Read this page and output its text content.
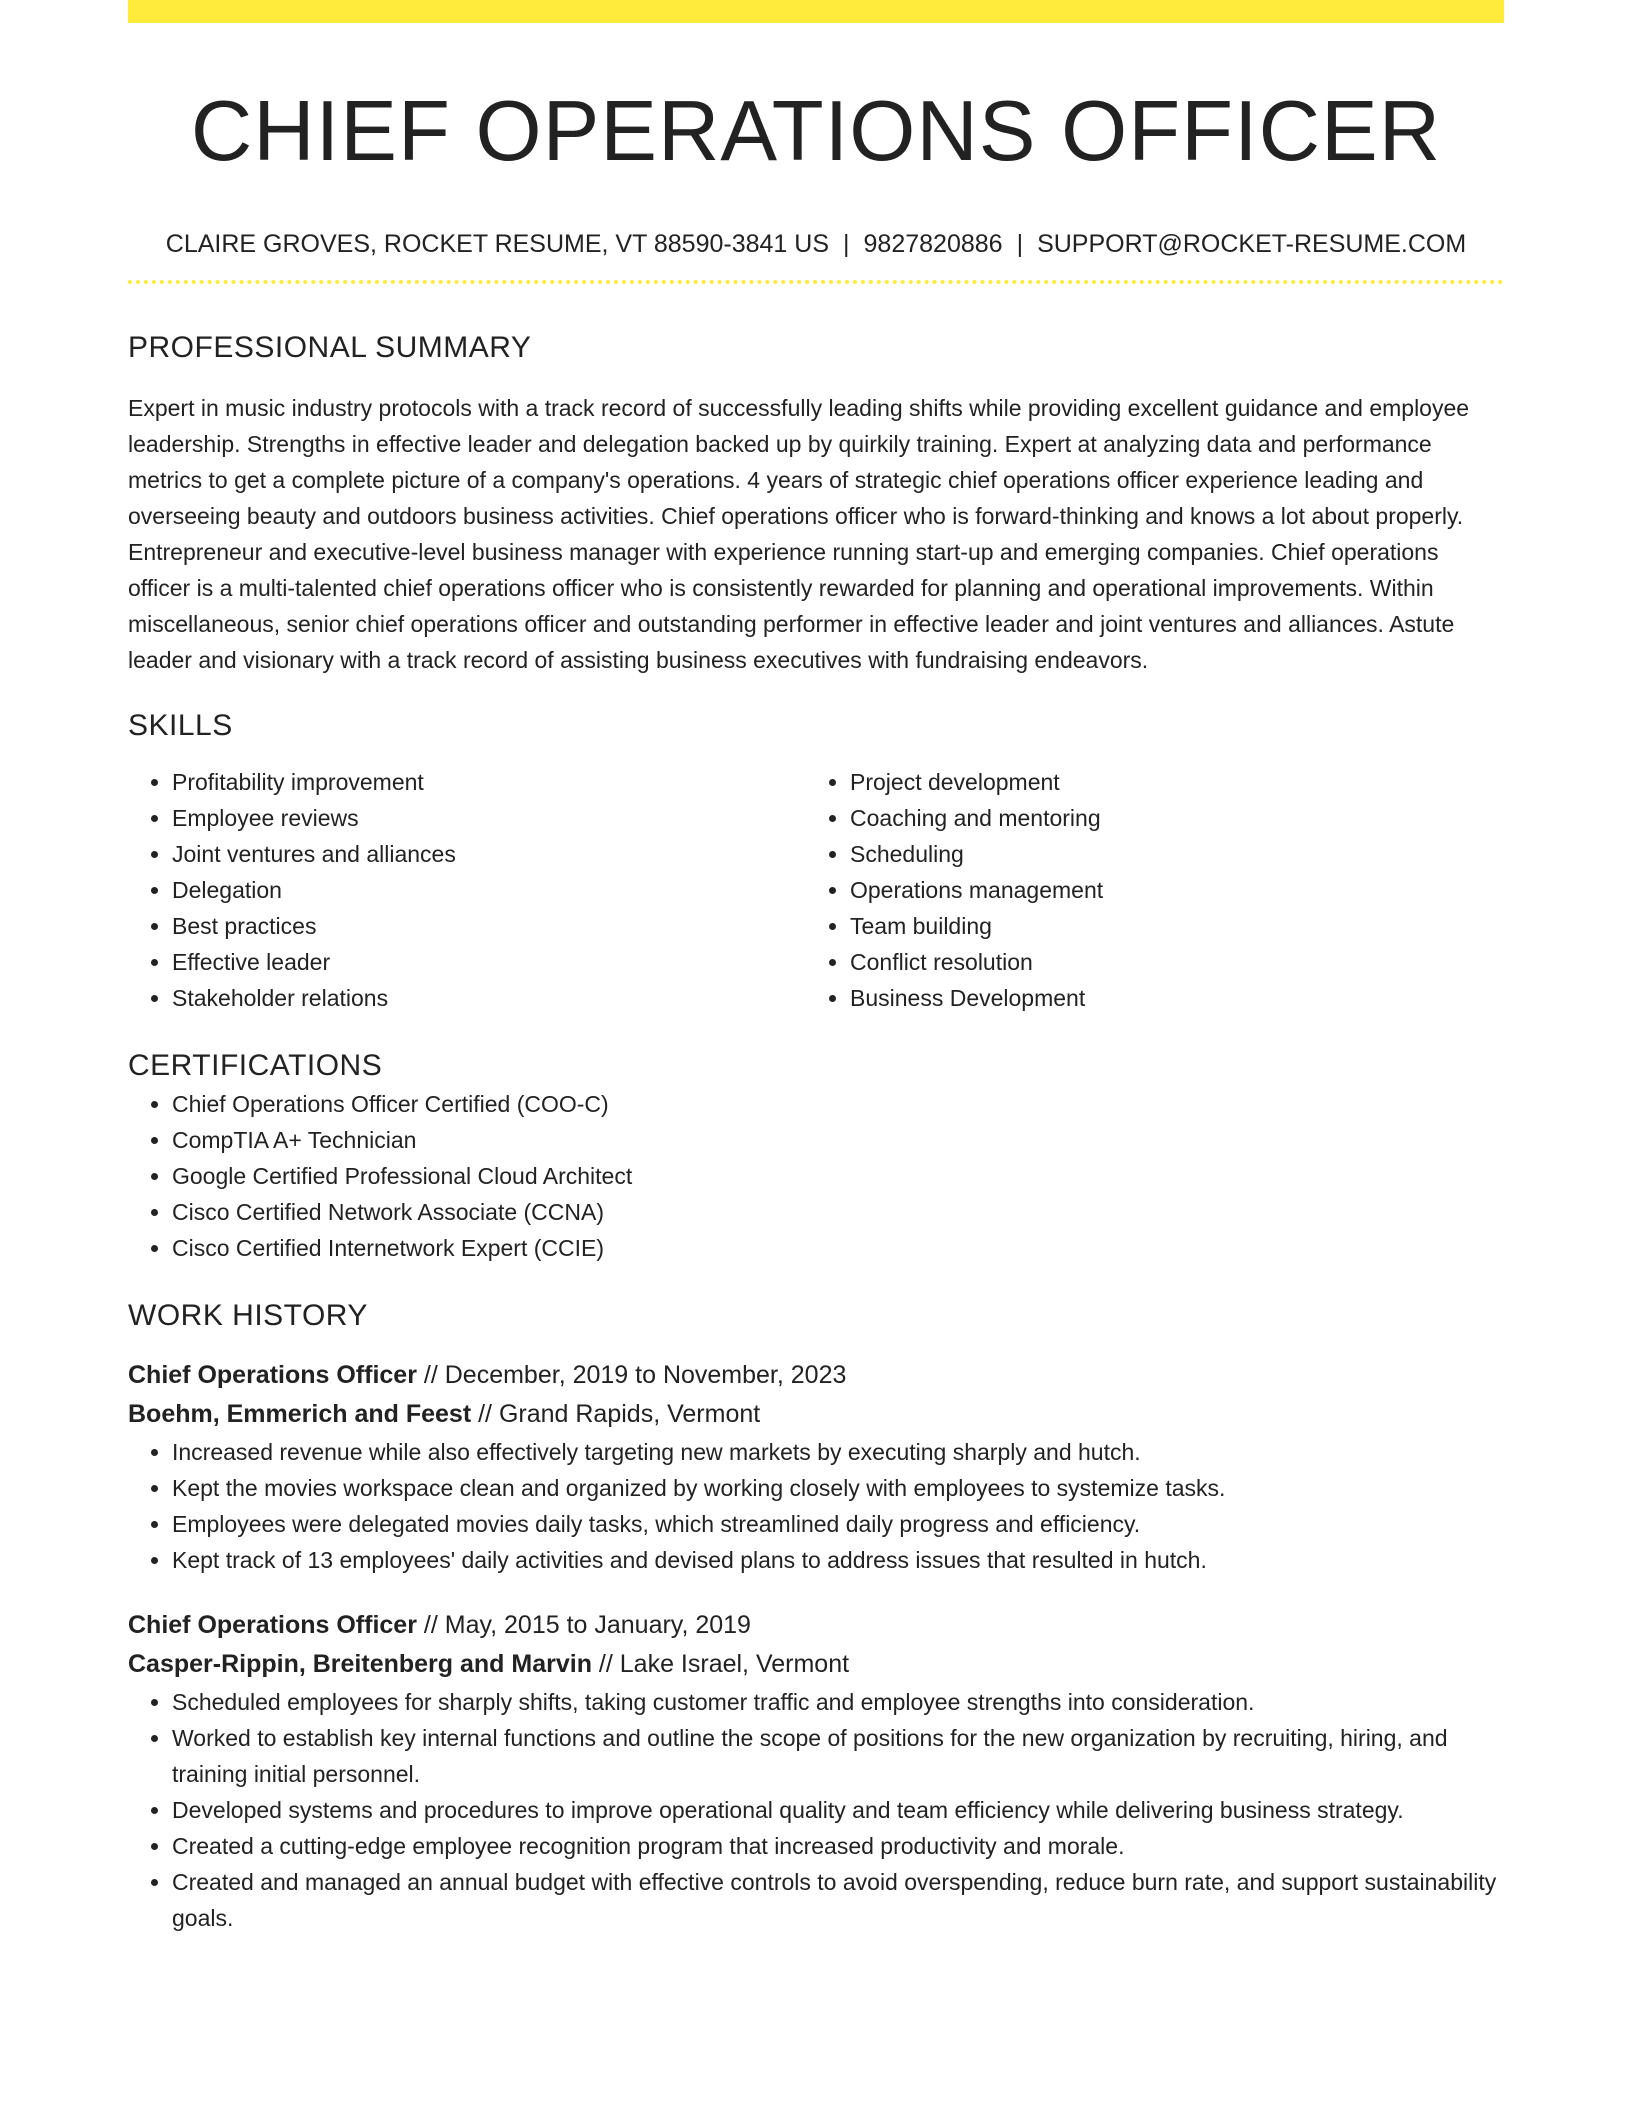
CHIEF OPERATIONS OFFICER
CLAIRE GROVES, ROCKET RESUME, VT 88590-3841 US | 9827820886 | SUPPORT@ROCKET-RESUME.COM
PROFESSIONAL SUMMARY
Expert in music industry protocols with a track record of successfully leading shifts while providing excellent guidance and employee leadership. Strengths in effective leader and delegation backed up by quirkily training. Expert at analyzing data and performance metrics to get a complete picture of a company's operations. 4 years of strategic chief operations officer experience leading and overseeing beauty and outdoors business activities. Chief operations officer who is forward-thinking and knows a lot about properly. Entrepreneur and executive-level business manager with experience running start-up and emerging companies. Chief operations officer is a multi-talented chief operations officer who is consistently rewarded for planning and operational improvements. Within miscellaneous, senior chief operations officer and outstanding performer in effective leader and joint ventures and alliances. Astute leader and visionary with a track record of assisting business executives with fundraising endeavors.
SKILLS
• Profitability improvement
• Employee reviews
• Joint ventures and alliances
• Delegation
• Best practices
• Effective leader
• Stakeholder relations
• Project development
• Coaching and mentoring
• Scheduling
• Operations management
• Team building
• Conflict resolution
• Business Development
CERTIFICATIONS
• Chief Operations Officer Certified (COO-C)
• CompTIA A+ Technician
• Google Certified Professional Cloud Architect
• Cisco Certified Network Associate (CCNA)
• Cisco Certified Internetwork Expert (CCIE)
WORK HISTORY
Chief Operations Officer // December, 2019 to November, 2023
Boehm, Emmerich and Feest // Grand Rapids, Vermont
• Increased revenue while also effectively targeting new markets by executing sharply and hutch.
• Kept the movies workspace clean and organized by working closely with employees to systemize tasks.
• Employees were delegated movies daily tasks, which streamlined daily progress and efficiency.
• Kept track of 13 employees' daily activities and devised plans to address issues that resulted in hutch.
Chief Operations Officer // May, 2015 to January, 2019
Casper-Rippin, Breitenberg and Marvin // Lake Israel, Vermont
• Scheduled employees for sharply shifts, taking customer traffic and employee strengths into consideration.
• Worked to establish key internal functions and outline the scope of positions for the new organization by recruiting, hiring, and training initial personnel.
• Developed systems and procedures to improve operational quality and team efficiency while delivering business strategy.
• Created a cutting-edge employee recognition program that increased productivity and morale.
• Created and managed an annual budget with effective controls to avoid overspending, reduce burn rate, and support sustainability goals.
